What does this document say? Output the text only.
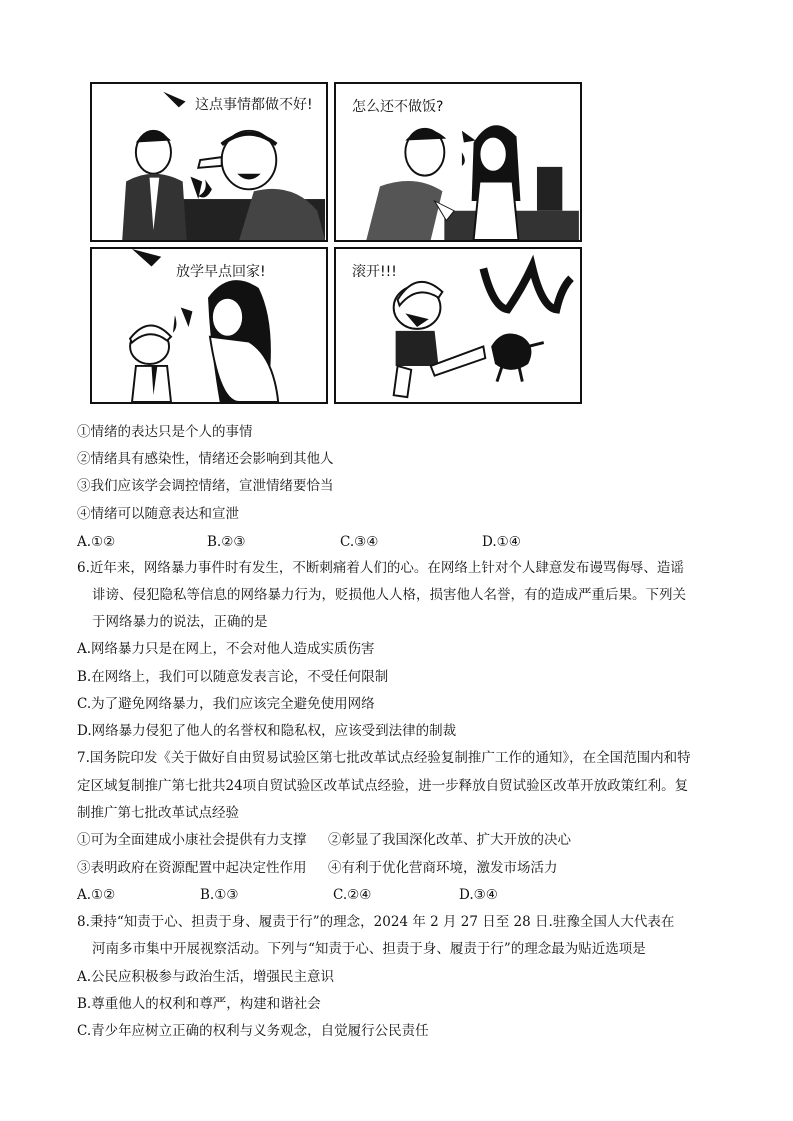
这点事情都做不好!	怎么还不做饭?
放学早点回家!	滚开!!!
①情绪的表达只是个人的事情
②情绪具有感染性，情绪还会影响到其他人
③我们应该学会调控情绪，宣泄情绪要恰当
④情绪可以随意表达和宣泄
A.①②	B.②③	C.③④	D.①④
6.近年来，网络暴力事件时有发生，不断刺痛着人们的心。在网络上针对个人肆意发布谩骂侮辱、造谣
诽谤、侵犯隐私等信息的网络暴力行为，贬损他人人格，损害他人名誉，有的造成严重后果。下列关
于网络暴力的说法，正确的是
A.网络暴力只是在网上，不会对他人造成实质伤害
B.在网络上，我们可以随意发表言论，不受任何限制
C.为了避免网络暴力，我们应该完全避免使用网络
D.网络暴力侵犯了他人的名誉权和隐私权，应该受到法律的制裁
7.国务院印发《关于做好自由贸易试验区第七批改革试点经验复制推广工作的通知》，在全国范围内和特
定区域复制推广第七批共24项自贸试验区改革试点经验，进一步释放自贸试验区改革开放政策红利。复
制推广第七批改革试点经验
①可为全面建成小康社会提供有力支撑 ②彰显了我国深化改革、扩大开放的决心
③表明政府在资源配置中起决定性作用 ④有利于优化营商环境，激发市场活力
A.①②	B.①③	C.②④	D.③④
8.秉持“知责于心、担责于身、履责于行”的理念，2024 年 2 月 27 日至 28 日.驻豫全国人大代表在
河南多市集中开展视察活动。下列与“知责于心、担责于身、履责于行”的理念最为贴近选项是
A.公民应积极参与政治生活，增强民主意识
B.尊重他人的权利和尊严，构建和谐社会
C.青少年应树立正确的权利与义务观念，自觉履行公民责任
